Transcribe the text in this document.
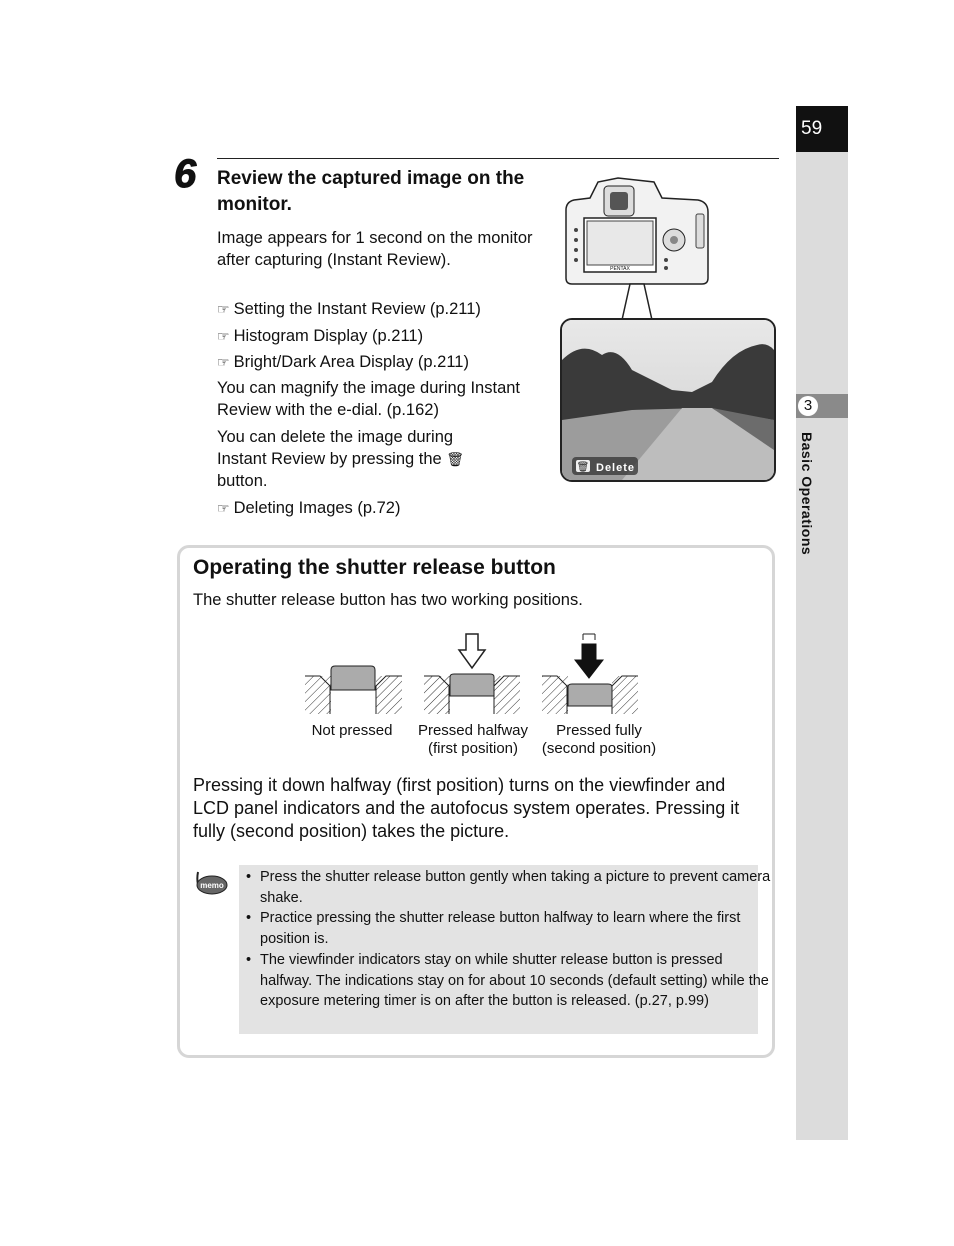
59
3
Basic Operations
6 Review the captured image on the monitor.
Image appears for 1 second on the monitor after capturing (Instant Review).
☞ Setting the Instant Review (p.211)
☞ Histogram Display (p.211)
☞ Bright/Dark Area Display (p.211)
You can magnify the image during Instant Review with the e-dial. (p.162)
You can delete the image during Instant Review by pressing the 🗑 button.
☞ Deleting Images (p.72)
PENTAX
🗑 Delete
Operating the shutter release button
The shutter release button has two working positions.
Not pressed	Pressed halfway
(first position)
Pressed fully
(second position)
Pressing it down halfway (first position) turns on the viewfinder and LCD panel indicators and the autofocus system operates. Pressing it fully (second position) takes the picture.
memo
• Press the shutter release button gently when taking a picture to prevent camera shake.
• Practice pressing the shutter release button halfway to learn where the first position is.
• The viewfinder indicators stay on while shutter release button is pressed halfway. The indications stay on for about 10 seconds (default setting) while the exposure metering timer is on after the button is released. (p.27, p.99)
